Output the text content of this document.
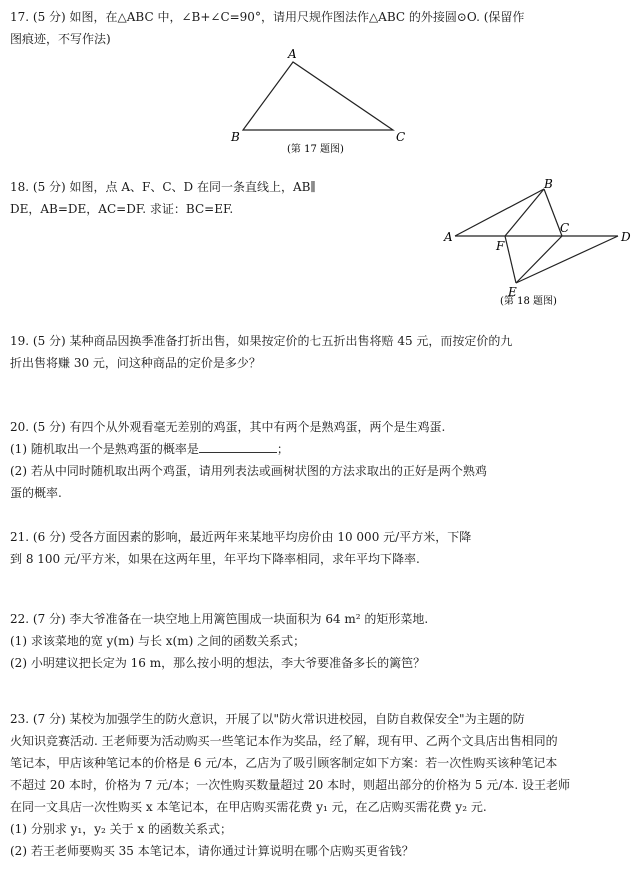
17. (5 分) 如图，在△ABC 中，∠B+∠C=90°，请用尺规作图法作△ABC 的外接圆⊙O. (保留作
图痕迹，不写作法)
A
B	C
(第 17 题图)
18. (5 分) 如图，点 A、F、C、D 在同一条直线上，AB∥
DE，AB=DE，AC=DF. 求证：BC=EF.
A
B
C
D
E
F
(第 18 题图)
19. (5 分) 某种商品因换季准备打折出售，如果按定价的七五折出售将赔 45 元，而按定价的九
折出售将赚 30 元，问这种商品的定价是多少？
20. (5 分) 有四个从外观看毫无差别的鸡蛋，其中有两个是熟鸡蛋，两个是生鸡蛋.
(1) 随机取出一个是熟鸡蛋的概率是	；
(2) 若从中同时随机取出两个鸡蛋，请用列表法或画树状图的方法求取出的正好是两个熟鸡
蛋的概率.
21. (6 分) 受各方面因素的影响，最近两年来某地平均房价由 10 000 元/平方米，下降
到 8 100 元/平方米，如果在这两年里，年平均下降率相同，求年平均下降率.
22. (7 分) 李大爷准备在一块空地上用篱笆围成一块面积为 64 m² 的矩形菜地.
(1) 求该菜地的宽 y(m) 与长 x(m) 之间的函数关系式；
(2) 小明建议把长定为 16 m，那么按小明的想法，李大爷要准备多长的篱笆？
23. (7 分) 某校为加强学生的防火意识，开展了以"防火常识进校园，自防自救保安全"为主题的防
火知识竞赛活动. 王老师要为活动购买一些笔记本作为奖品，经了解，现有甲、乙两个文具店出售相同的
笔记本，甲店该种笔记本的价格是 6 元/本，乙店为了吸引顾客制定如下方案：若一次性购买该种笔记本
不超过 20 本时，价格为 7 元/本；一次性购买数量超过 20 本时，则超出部分的价格为 5 元/本. 设王老师
在同一文具店一次性购买 x 本笔记本，在甲店购买需花费 y₁ 元，在乙店购买需花费 y₂ 元.
(1) 分别求 y₁，y₂ 关于 x 的函数关系式；
(2) 若王老师要购买 35 本笔记本，请你通过计算说明在哪个店购买更省钱？
